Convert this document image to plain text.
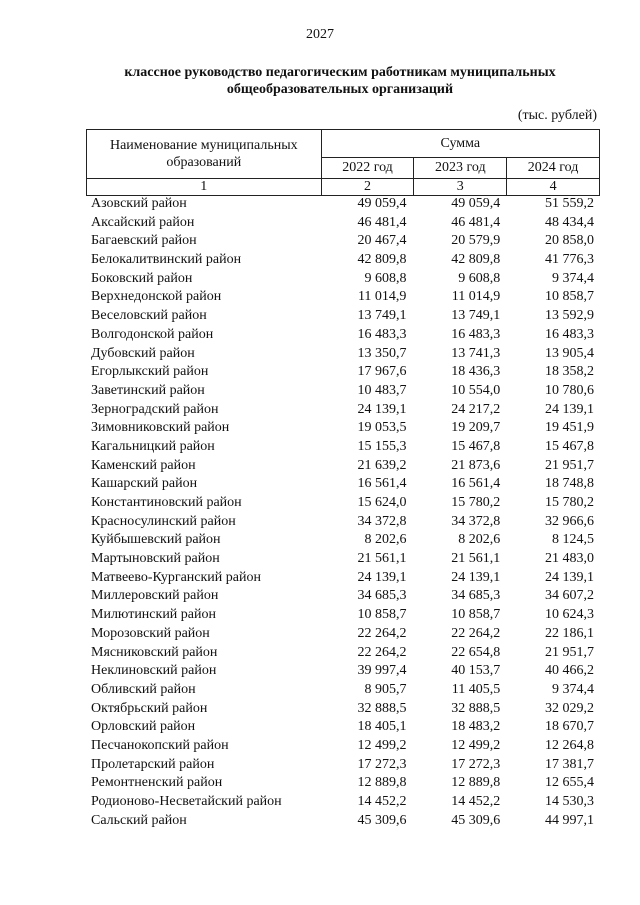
2027
классное руководство педагогическим работникам муниципальных
общеобразовательных организаций
(тыс. рублей)
Наименование муниципальных образований	Сумма		
	2022 год	2023 год	2024 год
1	2	3	4
Азовский район	49 059,4	49 059,4	51 559,2
Аксайский район	46 481,4	46 481,4	48 434,4
Багаевский район	20 467,4	20 579,9	20 858,0
Белокалитвинский район	42 809,8	42 809,8	41 776,3
Боковский район	9 608,8	9 608,8	9 374,4
Верхнедонской район	11 014,9	11 014,9	10 858,7
Веселовский район	13 749,1	13 749,1	13 592,9
Волгодонской район	16 483,3	16 483,3	16 483,3
Дубовский район	13 350,7	13 741,3	13 905,4
Егорлыкский район	17 967,6	18 436,3	18 358,2
Заветинский район	10 483,7	10 554,0	10 780,6
Зерноградский район	24 139,1	24 217,2	24 139,1
Зимовниковский район	19 053,5	19 209,7	19 451,9
Кагальницкий район	15 155,3	15 467,8	15 467,8
Каменский район	21 639,2	21 873,6	21 951,7
Кашарский район	16 561,4	16 561,4	18 748,8
Константиновский район	15 624,0	15 780,2	15 780,2
Красносулинский район	34 372,8	34 372,8	32 966,6
Куйбышевский район	8 202,6	8 202,6	8 124,5
Мартыновский район	21 561,1	21 561,1	21 483,0
Матвеево-Курганский район	24 139,1	24 139,1	24 139,1
Миллеровский район	34 685,3	34 685,3	34 607,2
Милютинский район	10 858,7	10 858,7	10 624,3
Морозовский район	22 264,2	22 264,2	22 186,1
Мясниковский район	22 264,2	22 654,8	21 951,7
Неклиновский район	39 997,4	40 153,7	40 466,2
Обливский район	8 905,7	11 405,5	9 374,4
Октябрьский район	32 888,5	32 888,5	32 029,2
Орловский район	18 405,1	18 483,2	18 670,7
Песчанокопский район	12 499,2	12 499,2	12 264,8
Пролетарский район	17 272,3	17 272,3	17 381,7
Ремонтненский район	12 889,8	12 889,8	12 655,4
Родионово-Несветайский район	14 452,2	14 452,2	14 530,3
Сальский район	45 309,6	45 309,6	44 997,1
